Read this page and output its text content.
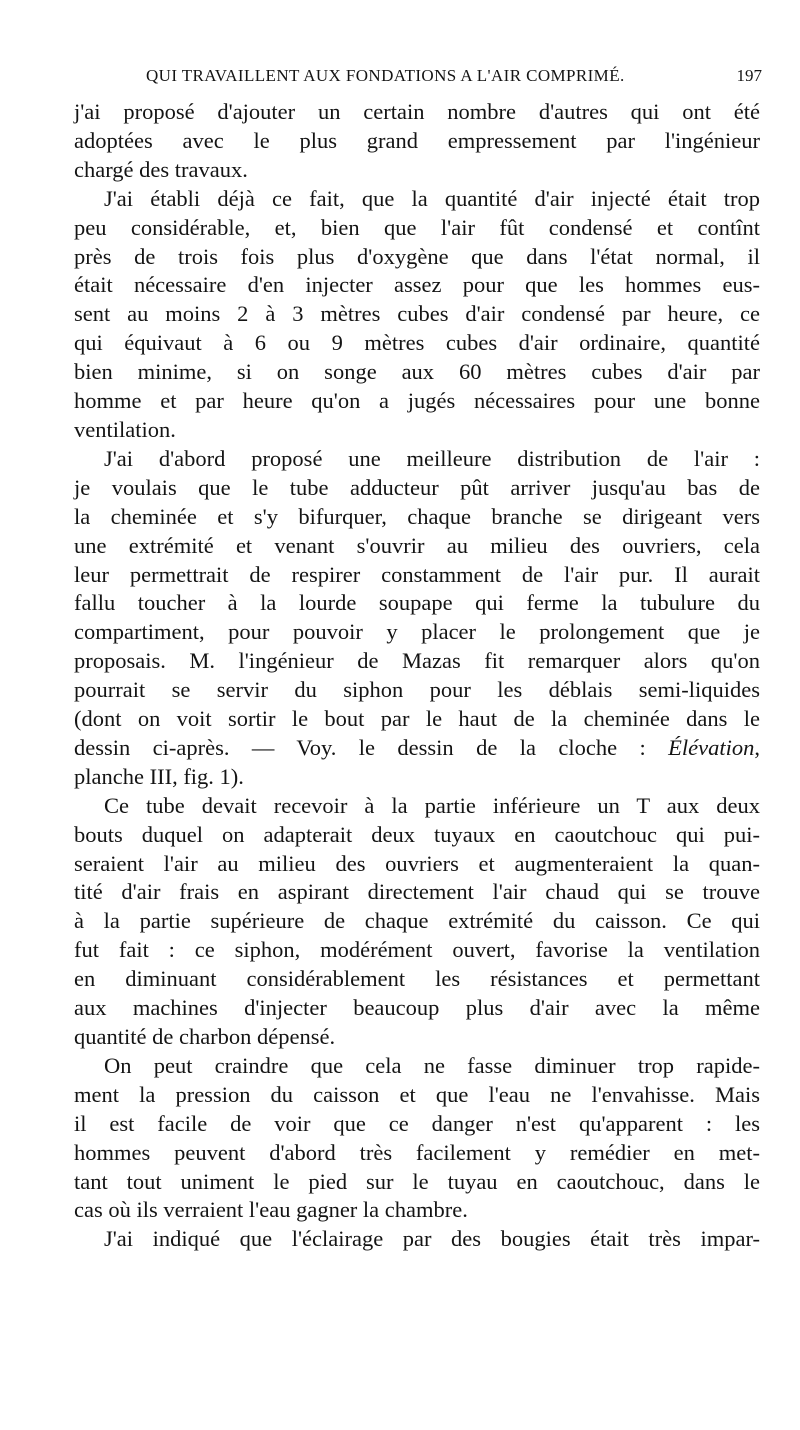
QUI TRAVAILLENT AUX FONDATIONS A L'AIR COMPRIMÉ.	197

j'ai proposé d'ajouter un certain nombre d'autres qui ont été
adoptées avec le plus grand empressement par l'ingénieur
chargé des travaux.

J'ai établi déjà ce fait, que la quantité d'air injecté était trop
peu considérable, et, bien que l'air fût condensé et contînt
près de trois fois plus d'oxygène que dans l'état normal, il
était nécessaire d'en injecter assez pour que les hommes eus-
sent au moins 2 à 3 mètres cubes d'air condensé par heure, ce
qui équivaut à 6 ou 9 mètres cubes d'air ordinaire, quantité
bien minime, si on songe aux 60 mètres cubes d'air par
homme et par heure qu'on a jugés nécessaires pour une bonne
ventilation.

J'ai d'abord proposé une meilleure distribution de l'air :
je voulais que le tube adducteur pût arriver jusqu'au bas de
la cheminée et s'y bifurquer, chaque branche se dirigeant vers
une extrémité et venant s'ouvrir au milieu des ouvriers, cela
leur permettrait de respirer constamment de l'air pur. Il aurait
fallu toucher à la lourde soupape qui ferme la tubulure du
compartiment, pour pouvoir y placer le prolongement que je
proposais. M. l'ingénieur de Mazas fit remarquer alors qu'on
pourrait se servir du siphon pour les déblais semi-liquides
(dont on voit sortir le bout par le haut de la cheminée dans le
dessin ci-après. — Voy. le dessin de la cloche : Élévation,
planche III, fig. 1).

Ce tube devait recevoir à la partie inférieure un T aux deux
bouts duquel on adapterait deux tuyaux en caoutchouc qui pui-
seraient l'air au milieu des ouvriers et augmenteraient la quan-
tité d'air frais en aspirant directement l'air chaud qui se trouve
à la partie supérieure de chaque extrémité du caisson. Ce qui
fut fait : ce siphon, modérément ouvert, favorise la ventilation
en diminuant considérablement les résistances et permettant
aux machines d'injecter beaucoup plus d'air avec la même
quantité de charbon dépensé.

On peut craindre que cela ne fasse diminuer trop rapide-
ment la pression du caisson et que l'eau ne l'envahisse. Mais
il est facile de voir que ce danger n'est qu'apparent : les
hommes peuvent d'abord très facilement y remédier en met-
tant tout uniment le pied sur le tuyau en caoutchouc, dans le
cas où ils verraient l'eau gagner la chambre.

J'ai indiqué que l'éclairage par des bougies était très impar-
